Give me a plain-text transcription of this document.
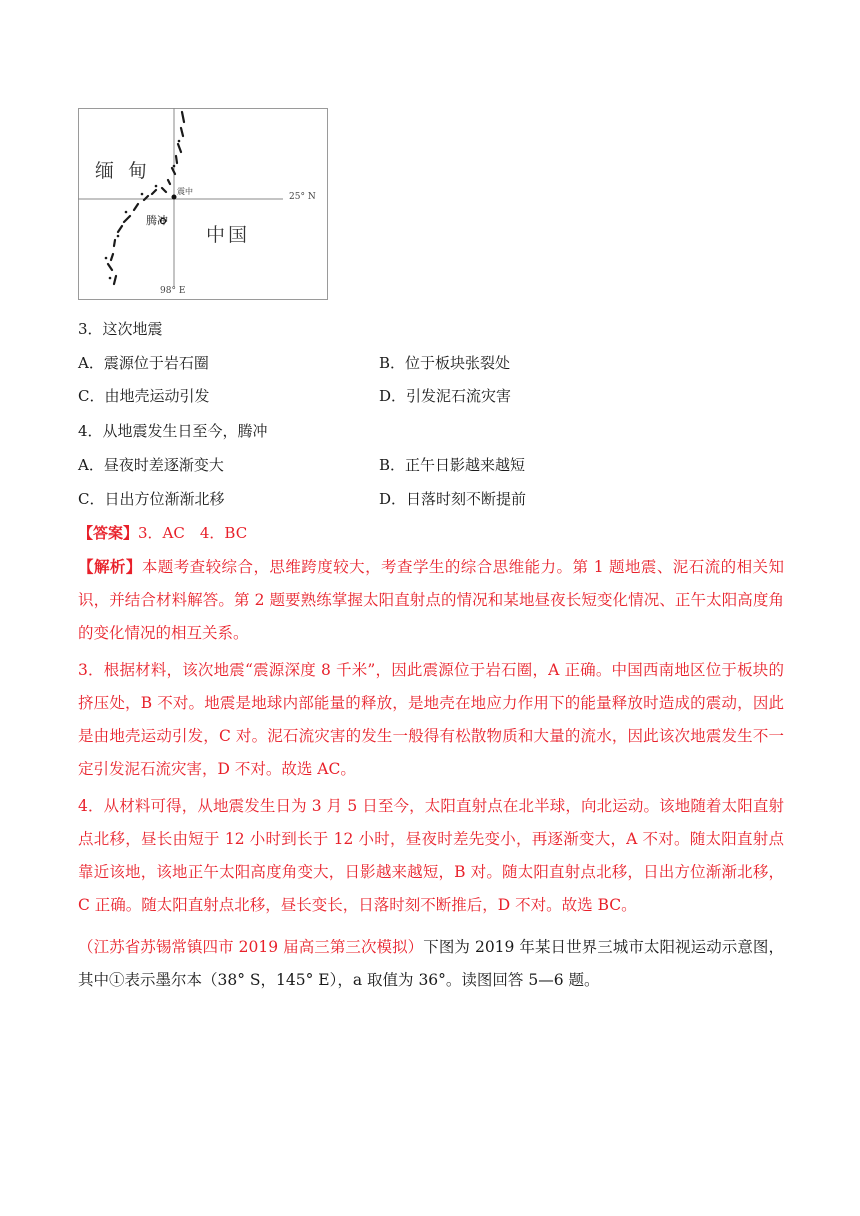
缅 甸
中国
震中
腾冲
25° N
98° E
3．这次地震
A．震源位于岩石圈	B．位于板块张裂处
C．由地壳运动引发	D．引发泥石流灾害
4．从地震发生日至今，腾冲
A．昼夜时差逐渐变大	B．正午日影越来越短
C．日出方位渐渐北移	D．日落时刻不断提前
【答案】3．AC　4．BC
【解析】本题考查较综合，思维跨度较大，考查学生的综合思维能力。第 1 题地震、泥石流的相关知识，并结合材料解答。第 2 题要熟练掌握太阳直射点的情况和某地昼夜长短变化情况、正午太阳高度角的变化情况的相互关系。
3．根据材料，该次地震“震源深度 8 千米”，因此震源位于岩石圈，A 正确。中国西南地区位于板块的挤压处，B 不对。地震是地球内部能量的释放，是地壳在地应力作用下的能量释放时造成的震动，因此是由地壳运动引发，C 对。泥石流灾害的发生一般得有松散物质和大量的流水，因此该次地震发生不一定引发泥石流灾害，D 不对。故选 AC。
4．从材料可得，从地震发生日为 3 月 5 日至今，太阳直射点在北半球，向北运动。该地随着太阳直射点北移，昼长由短于 12 小时到长于 12 小时，昼夜时差先变小，再逐渐变大，A 不对。随太阳直射点靠近该地，该地正午太阳高度角变大，日影越来越短，B 对。随太阳直射点北移，日出方位渐渐北移，C 正确。随太阳直射点北移，昼长变长，日落时刻不断推后，D 不对。故选 BC。
（江苏省苏锡常镇四市 2019 届高三第三次模拟）下图为 2019 年某日世界三城市太阳视运动示意图，其中①表示墨尔本（38° S，145° E），a 取值为 36°。读图回答 5—6 题。
